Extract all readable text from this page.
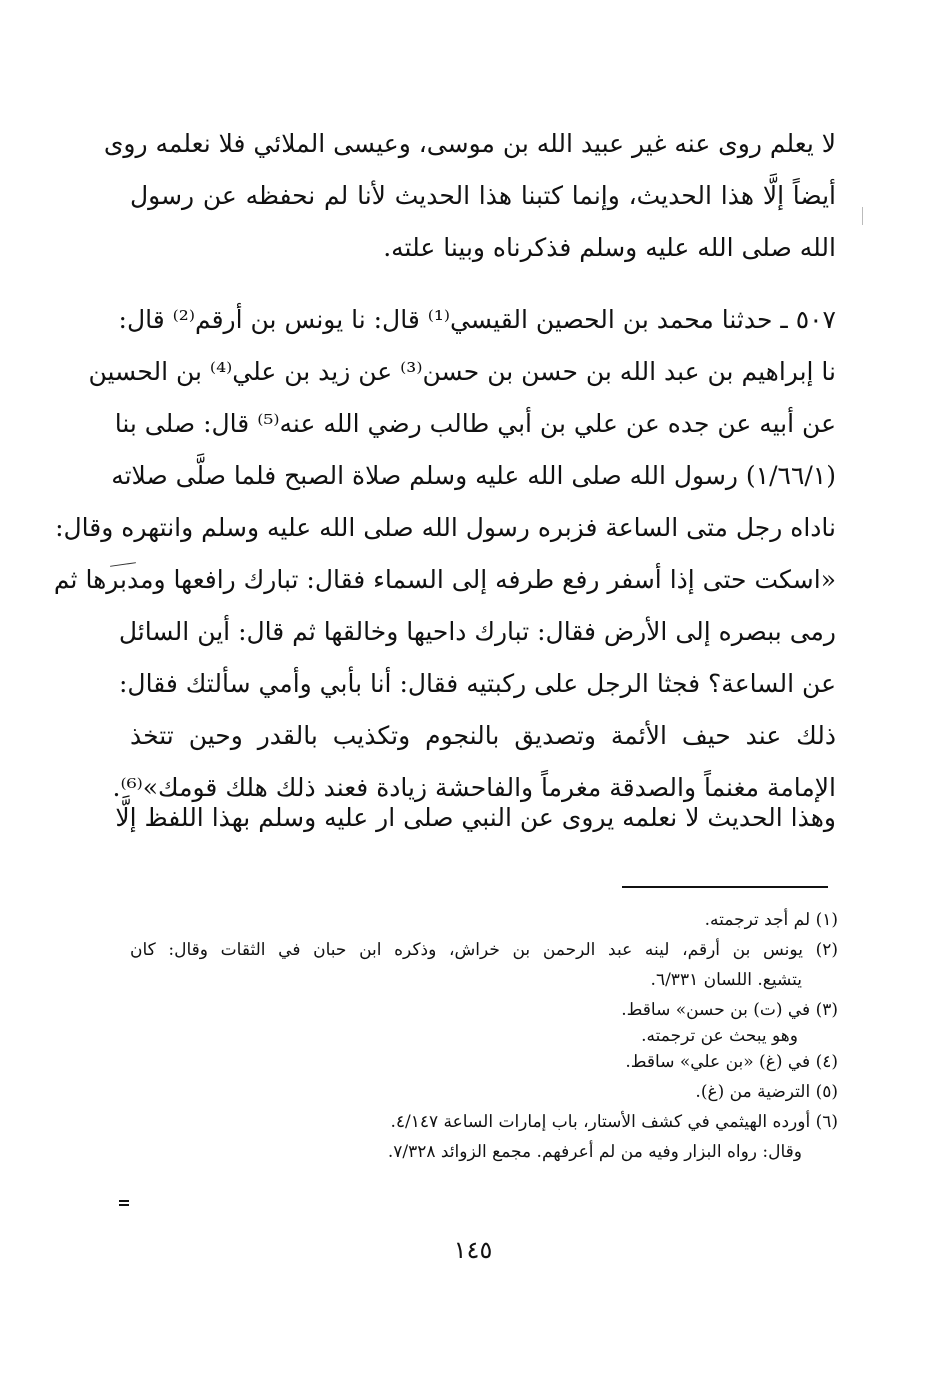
لا يعلم روى عنه غير عبيد الله بن موسى، وعيسى الملائي فلا نعلمه روى
أيضاً إلَّا هذا الحديث، وإنما كتبنا هذا الحديث لأنا لم نحفظه عن رسول
الله صلى الله عليه وسلم فذكرناه وبينا علته.
٥٠٧ ـ حدثنا محمد بن الحصين القيسي⁽¹⁾ قال: نا يونس بن أرقم⁽²⁾ قال:
نا إبراهيم بن عبد الله بن حسن بن حسن⁽³⁾ عن زيد بن علي⁽⁴⁾ بن الحسين
عن أبيه عن جده عن علي بن أبي طالب رضي الله عنه⁽⁵⁾ قال: صلى بنا
(١/٦٦/١) رسول الله صلى الله عليه وسلم صلاة الصبح فلما صلَّى صلاته
ناداه رجل متى الساعة فزبره رسول الله صلى الله عليه وسلم وانتهره وقال:
«اسكت حتى إذا أسفر رفع طرفه إلى السماء فقال: تبارك رافعها ومدبرها ثم
رمى ببصره إلى الأرض فقال: تبارك داحيها وخالقها ثم قال: أين السائل
عن الساعة؟ فجثا الرجل على ركبتيه فقال: أنا بأبي وأمي سألتك فقال:
ذلك عند حيف الأئمة وتصديق بالنجوم وتكذيب بالقدر وحين تتخذ
الإمامة مغنماً والصدقة مغرماً والفاحشة زيادة فعند ذلك هلك قومك»⁽⁶⁾.
وهذا الحديث لا نعلمه يروى عن النبي صلى ار عليه وسلم بهذا اللفظ إلَّا
(١) لم أجد ترجمته.
(٢) يونس بن أرقم، لينه عبد الرحمن بن خراش، وذكره ابن حبان في الثقات وقال: كان
يتشيع. اللسان ٦/٣٣١.
(٣) في (ت) بن حسن» ساقط.
وهو يبحث عن ترجمته.
(٤) في (غ) «بن علي» ساقط.
(٥) الترضية من (غ).
(٦) أورده الهيثمي في كشف الأستار، باب إمارات الساعة ٤/١٤٧.
وقال: رواه البزار وفيه من لم أعرفهم. مجمع الزوائد ٧/٣٢٨.
١٤٥
